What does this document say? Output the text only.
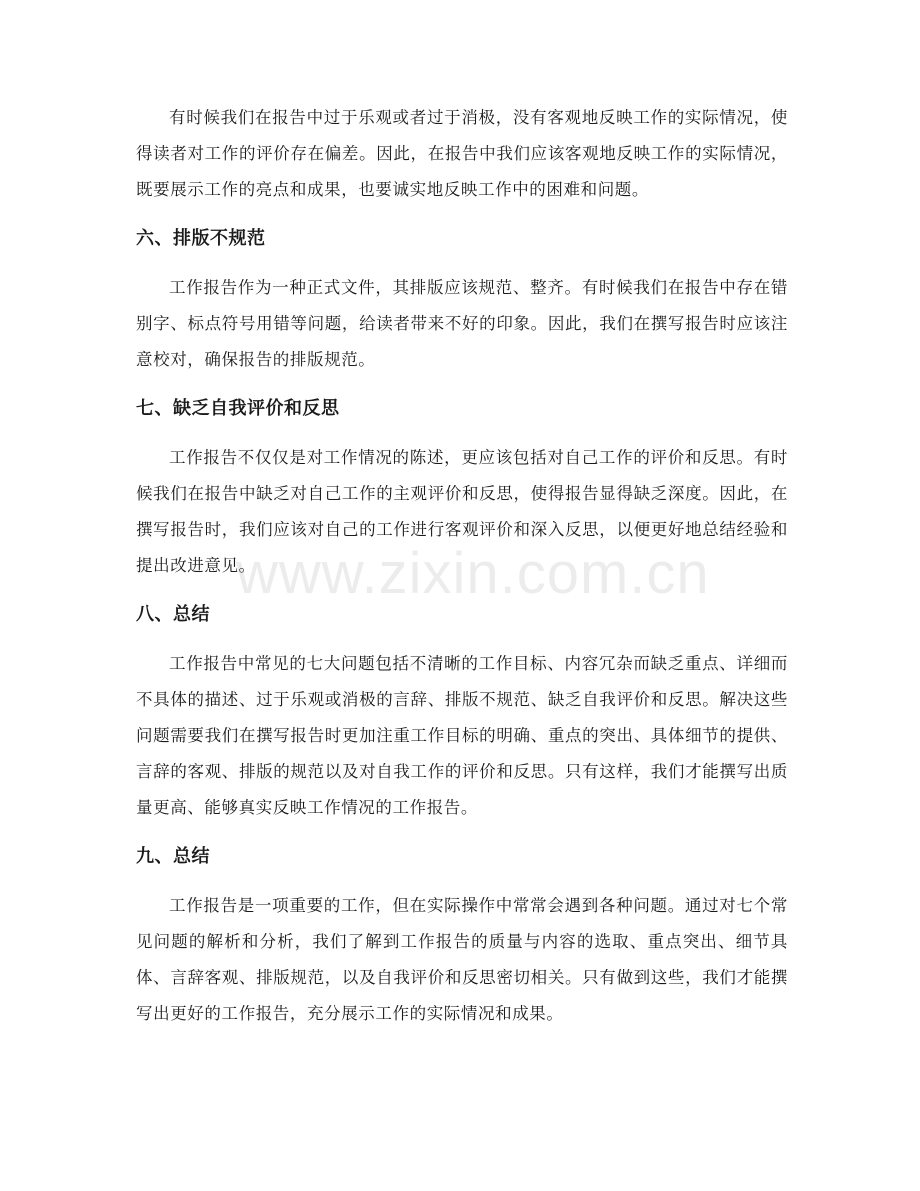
有时候我们在报告中过于乐观或者过于消极，没有客观地反映工作的实际情况，使得读者对工作的评价存在偏差。因此，在报告中我们应该客观地反映工作的实际情况，既要展示工作的亮点和成果，也要诚实地反映工作中的困难和问题。

六、排版不规范

工作报告作为一种正式文件，其排版应该规范、整齐。有时候我们在报告中存在错别字、标点符号用错等问题，给读者带来不好的印象。因此，我们在撰写报告时应该注意校对，确保报告的排版规范。

七、缺乏自我评价和反思

工作报告不仅仅是对工作情况的陈述，更应该包括对自己工作的评价和反思。有时候我们在报告中缺乏对自己工作的主观评价和反思，使得报告显得缺乏深度。因此，在撰写报告时，我们应该对自己的工作进行客观评价和深入反思，以便更好地总结经验和提出改进意见。

八、总结

工作报告中常见的七大问题包括不清晰的工作目标、内容冗杂而缺乏重点、详细而不具体的描述、过于乐观或消极的言辞、排版不规范、缺乏自我评价和反思。解决这些问题需要我们在撰写报告时更加注重工作目标的明确、重点的突出、具体细节的提供、言辞的客观、排版的规范以及对自我工作的评价和反思。只有这样，我们才能撰写出质量更高、能够真实反映工作情况的工作报告。

九、总结

工作报告是一项重要的工作，但在实际操作中常常会遇到各种问题。通过对七个常见问题的解析和分析，我们了解到工作报告的质量与内容的选取、重点突出、细节具体、言辞客观、排版规范，以及自我评价和反思密切相关。只有做到这些，我们才能撰写出更好的工作报告，充分展示工作的实际情况和成果。

www.zixin.com.cn
